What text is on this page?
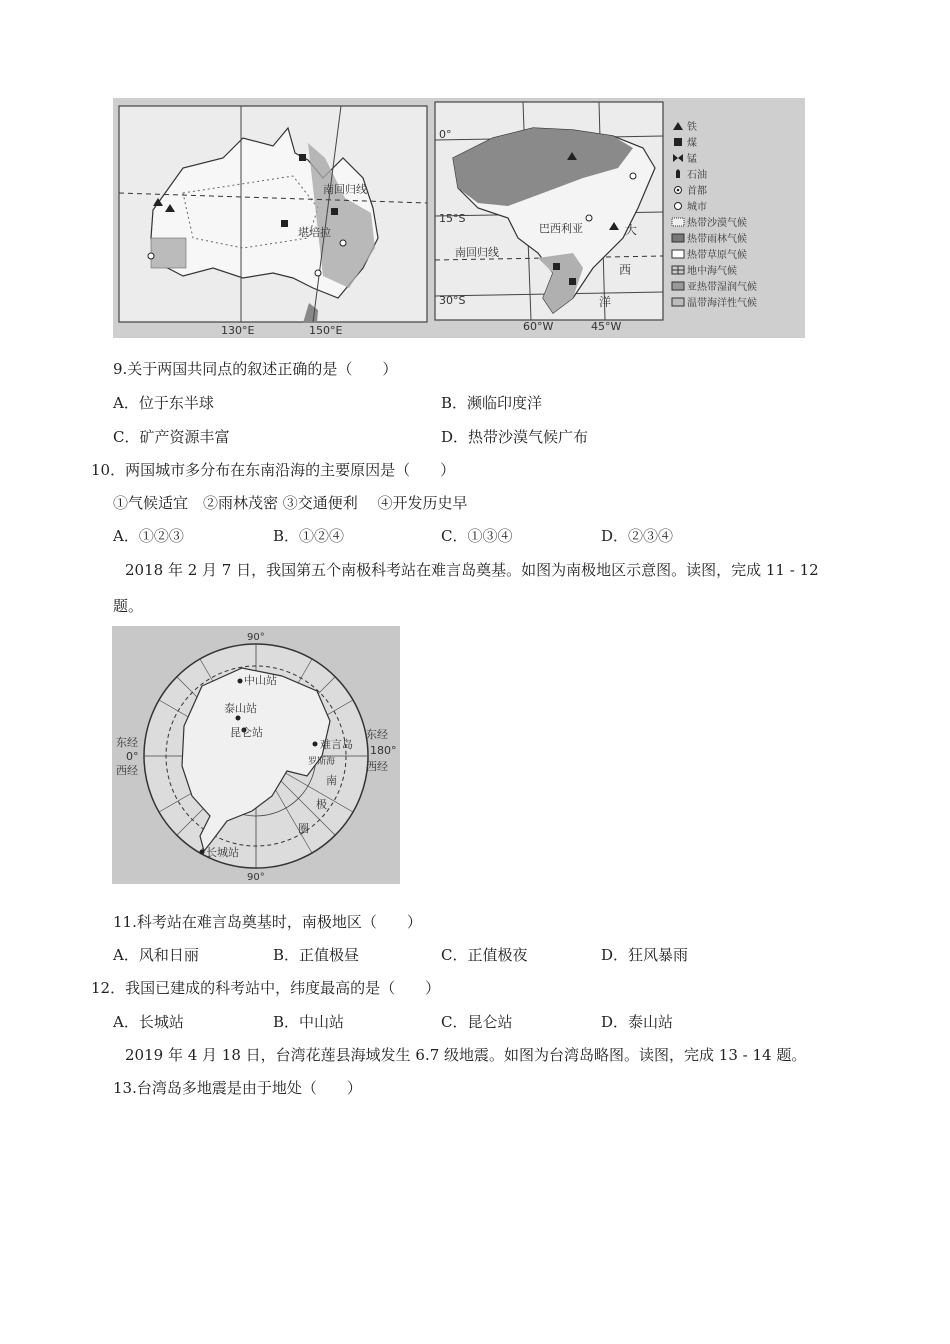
南回归线
堪培拉
130°E	150°E
0°
15°S
30°S
南回归线
巴西利亚	大
西
洋
60°W	45°W
铁
煤
锰
石油
首都
城市
热带沙漠气候
热带雨林气候
热带草原气候
地中海气候
亚热带湿润气候
温带海洋性气候
9.关于两国共同点的叙述正确的是（　　）
A．位于东半球	B．濒临印度洋
C．矿产资源丰富	D．热带沙漠气候广布
10．两国城市多分布在东南沿海的主要原因是（　　）
①气候适宜　②雨林茂密 ③交通便利　 ④开发历史早
A．①②③	B．①②④	C．①③④	D．②③④
2018 年 2 月 7 日，我国第五个南极科考站在难言岛奠基。如图为南极地区示意图。读图，完成 11 - 12
题。
90°
90°
东经
0°
西经
东经
180°
西经
中山站
泰山站
昆仑站
难言岛
罗斯海
南
极
圈
长城站
11.科考站在难言岛奠基时，南极地区（　　）
A．风和日丽	B．正值极昼	C．正值极夜	D．狂风暴雨
12．我国已建成的科考站中，纬度最高的是（　　）
A．长城站	B．中山站	C．昆仑站	D．泰山站
2019 年 4 月 18 日，台湾花莲县海域发生 6.7 级地震。如图为台湾岛略图。读图，完成 13 - 14 题。
13.台湾岛多地震是由于地处（　　）
